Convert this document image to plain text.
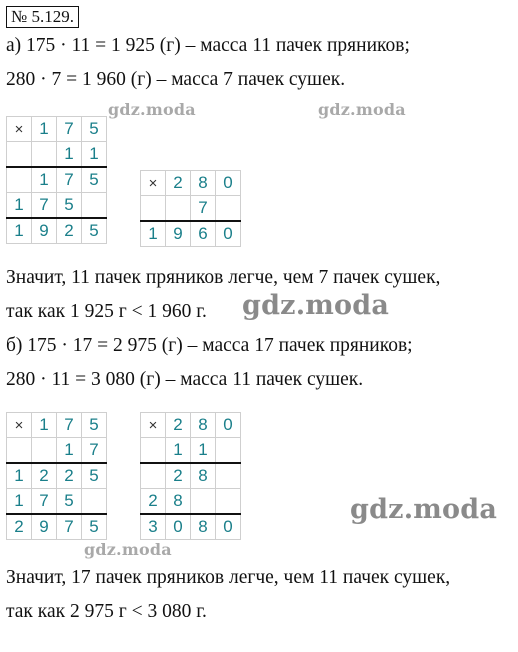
№ 5.129.
а) 175 · 11 = 1 925 (г) – масса 11 пачек пряников;
280 · 7 = 1 960 (г) – масса 7 пачек сушек.
×	1	7	5
		1	1
	1	7	5
1	7	5	
1	9	2	5
×	2	8	0
		7	
1	9	6	0
gdz.moda	gdz.moda
Значит, 11 пачек пряников легче, чем 7 пачек сушек,
так как 1 925 г < 1 960 г. gdz.moda
б) 175 · 17 = 2 975 (г) – масса 17 пачек пряников;
280 · 11 = 3 080 (г) – масса 11 пачек сушек.
×	1	7	5
		1	7
1	2	2	5
1	7	5	
2	9	7	5
×	2	8	0
	1	1	
	2	8	
2	8		
3	0	8	0
gdz.moda
gdz.moda
Значит, 17 пачек пряников легче, чем 11 пачек сушек,
так как 2 975 г < 3 080 г.
